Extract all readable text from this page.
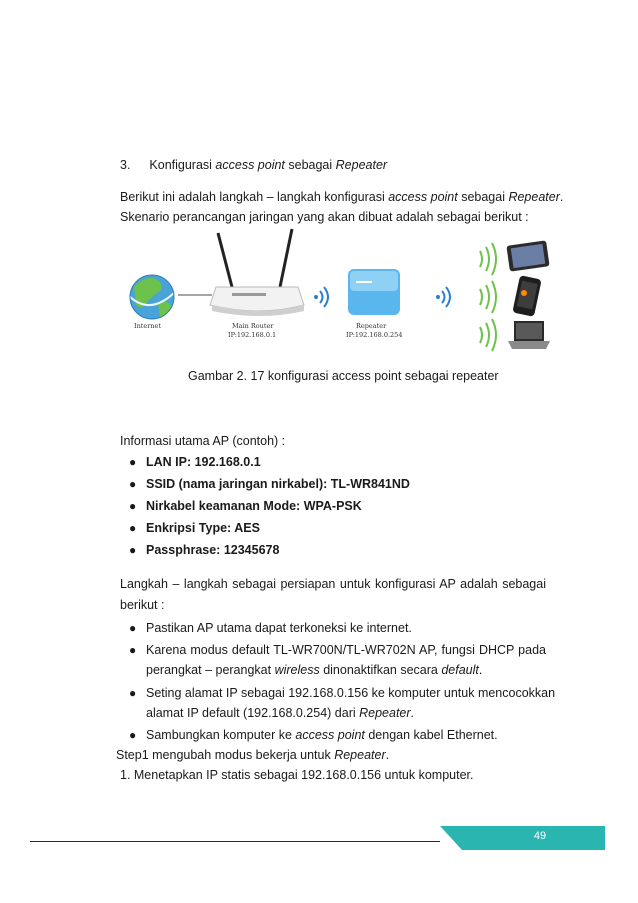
3. Konfigurasi access point sebagai Repeater
Berikut ini adalah langkah – langkah konfigurasi access point sebagai Repeater.
Skenario perancangan jaringan yang akan dibuat adalah sebagai berikut :
Internet	Main Router
IP:192.168.0.1
Repeater
IP:192.168.0.254
Gambar 2. 17 konfigurasi access point sebagai repeater
Informasi utama AP (contoh) :
● LAN IP: 192.168.0.1
● SSID (nama jaringan nirkabel): TL-WR841ND
● Nirkabel keamanan Mode: WPA-PSK
● Enkripsi Type: AES
● Passphrase: 12345678
Langkah – langkah sebagai persiapan untuk konfigurasi AP adalah sebagai
berikut :
● Pastikan AP utama dapat terkoneksi ke internet.
● Karena modus default TL-WR700N/TL-WR702N AP, fungsi DHCP pada
perangkat – perangkat wireless dinonaktifkan secara default.
● Seting alamat IP sebagai 192.168.0.156 ke komputer untuk mencocokkan
alamat IP default (192.168.0.254) dari Repeater.
● Sambungkan komputer ke access point dengan kabel Ethernet.
Step1 mengubah modus bekerja untuk Repeater.
1. Menetapkan IP statis sebagai 192.168.0.156 untuk komputer.
49
